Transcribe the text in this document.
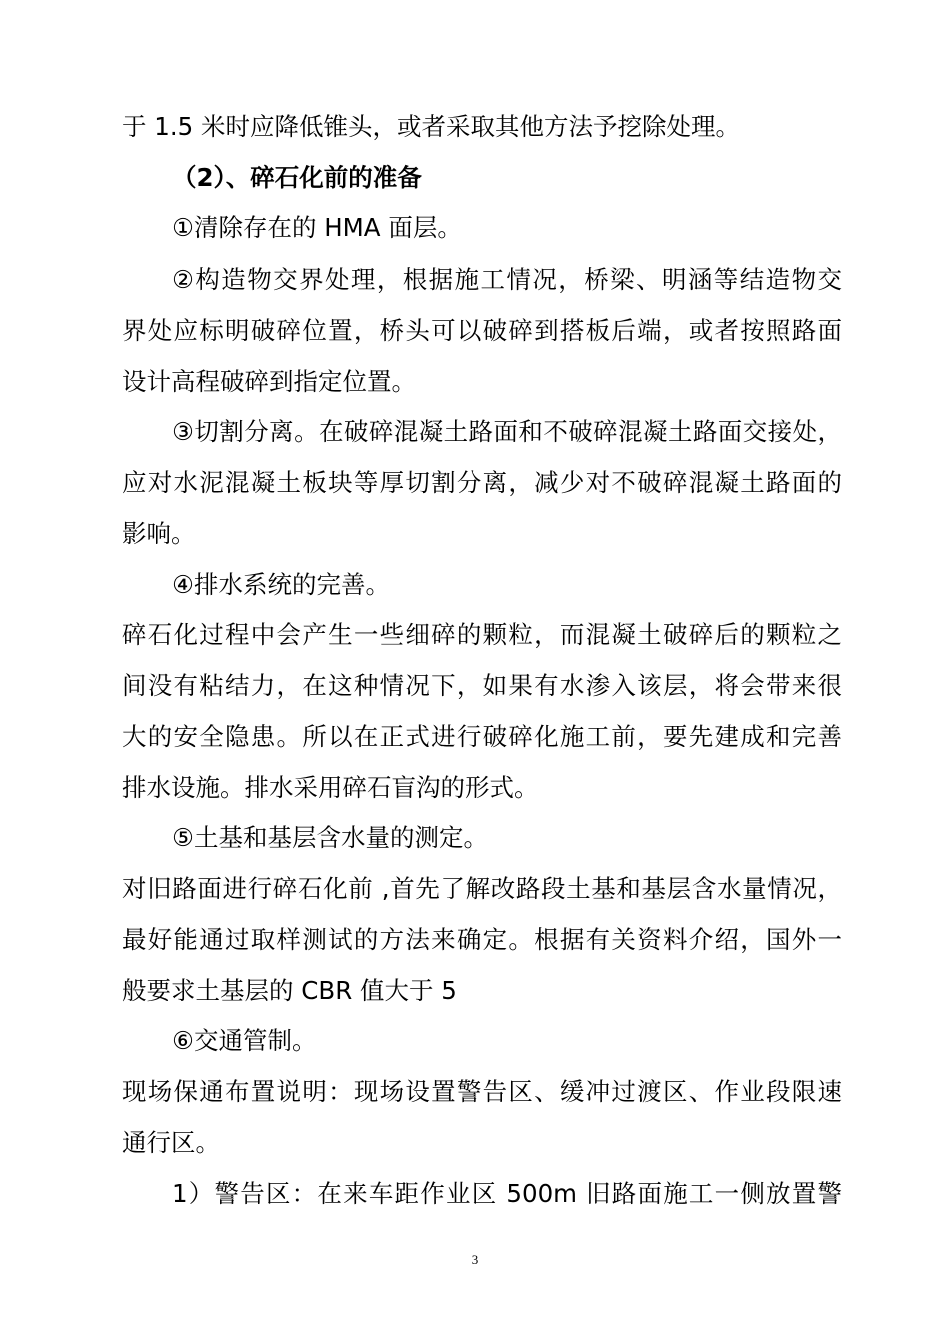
于 1.5 米时应降低锥头，或者采取其他方法予挖除处理。
（2）、碎石化前的准备
①清除存在的 HMA 面层。
②构造物交界处理，根据施工情况，桥梁、明涵等结造物交
界处应标明破碎位置，桥头可以破碎到搭板后端，或者按照路面
设计高程破碎到指定位置。
③切割分离。在破碎混凝土路面和不破碎混凝土路面交接处，
应对水泥混凝土板块等厚切割分离，减少对不破碎混凝土路面的
影响。
④排水系统的完善。
碎石化过程中会产生一些细碎的颗粒，而混凝土破碎后的颗粒之
间没有粘结力，在这种情况下，如果有水渗入该层，将会带来很
大的安全隐患。所以在正式进行破碎化施工前，要先建成和完善
排水设施。排水采用碎石盲沟的形式。
⑤土基和基层含水量的测定。
对旧路面进行碎石化前 ,首先了解改路段土基和基层含水量情况，
最好能通过取样测试的方法来确定。根据有关资料介绍，国外一
般要求土基层的 CBR 值大于 5
⑥交通管制。
现场保通布置说明：现场设置警告区、缓冲过渡区、作业段限速
通行区。
1）警告区：在来车距作业区 500m 旧路面施工一侧放置警
3
